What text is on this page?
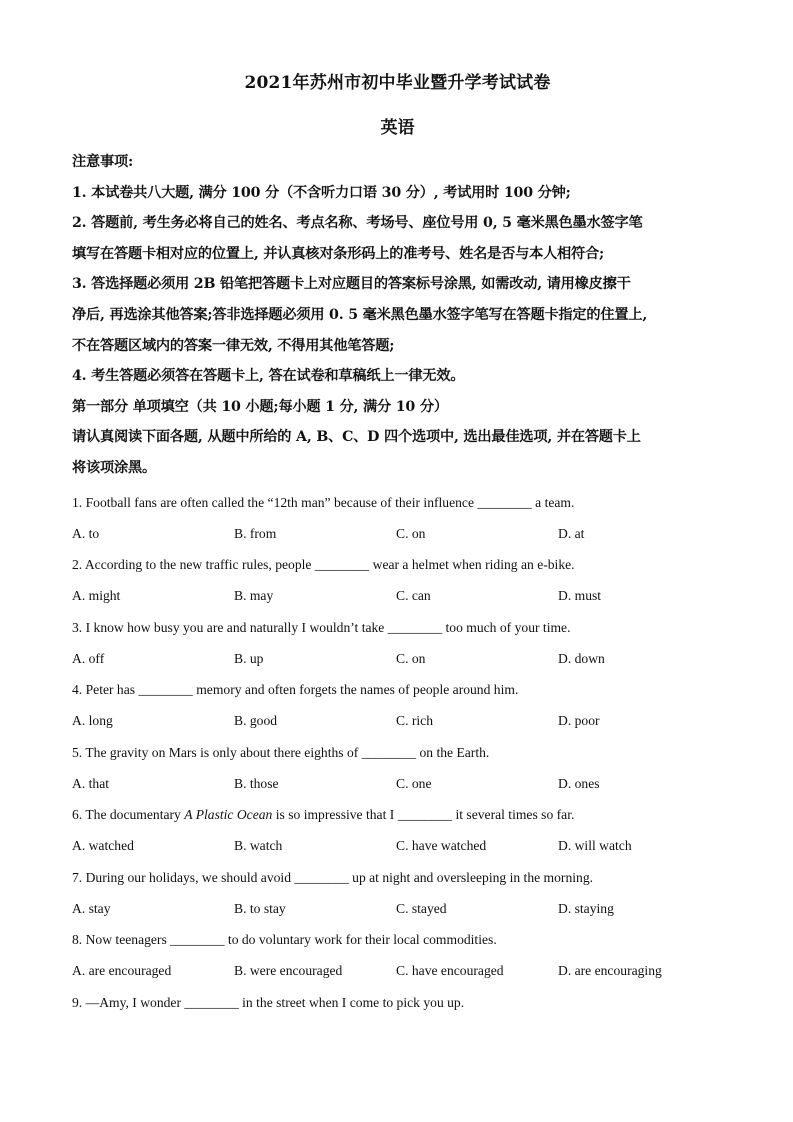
2021年苏州市初中毕业暨升学考试试卷
英语
注意事项:
1. 本试卷共八大题, 满分 100 分（不含听力口语 30 分）, 考试用时 100 分钟;
2. 答题前, 考生务必将自己的姓名、考点名称、考场号、座位号用 0, 5 毫米黑色墨水签字笔
填写在答题卡相对应的位置上, 并认真核对条形码上的准考号、姓名是否与本人相符合;
3. 答选择题必须用 2B 铅笔把答题卡上对应题目的答案标号涂黑, 如需改动, 请用橡皮擦干
净后, 再选涂其他答案;答非选择题必须用 0. 5 毫米黑色墨水签字笔写在答题卡指定的住置上,
不在答题区域内的答案一律无效, 不得用其他笔答题;
4. 考生答题必须答在答题卡上, 答在试卷和草稿纸上一律无效。
第一部分 单项填空（共 10 小题;每小题 1 分, 满分 10 分）
请认真阅读下面各题, 从题中所给的 A, B、C、D 四个选项中, 选出最佳选项, 并在答题卡上
将该项涂黑。
1. Football fans are often called the “12th man” because of their influence ________ a team.
A. to	B. from	C. on	D. at
2. According to the new traffic rules, people ________ wear a helmet when riding an e-bike.
A. might	B. may	C. can	D. must
3. I know how busy you are and naturally I wouldn’t take ________ too much of your time.
A. off	B. up	C. on	D. down
4. Peter has ________ memory and often forgets the names of people around him.
A. long	B. good	C. rich	D. poor
5. The gravity on Mars is only about there eighths of ________ on the Earth.
A. that	B. those	C. one	D. ones
6. The documentary A Plastic Ocean is so impressive that I ________ it several times so far.
A. watched	B. watch	C. have watched	D. will watch
7. During our holidays, we should avoid ________ up at night and oversleeping in the morning.
A. stay	B. to stay	C. stayed	D. staying
8. Now teenagers ________ to do voluntary work for their local commodities.
A. are encouraged	B. were encouraged	C. have encouraged	D. are encouraging
9. —Amy, I wonder ________ in the street when I come to pick you up.
